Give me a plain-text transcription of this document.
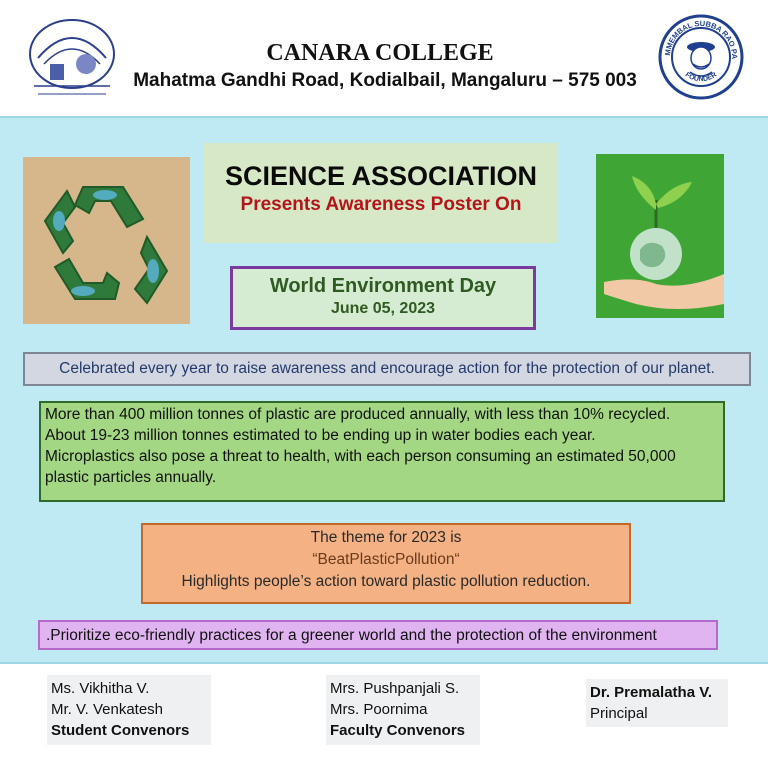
CANARA COLLEGE
Mahatma Gandhi Road, Kodialbail, Mangaluru – 575 003
MMEMBAL SUBBA RAO PA
FOUNDER
SCIENCE ASSOCIATION
Presents Awareness Poster On
World Environment Day
June 05, 2023
Celebrated every year to raise awareness and encourage action for the protection of our planet.
More than 400 million tonnes of plastic are produced annually, with less than 10% recycled.
About 19-23 million tonnes estimated to be ending up in water bodies each year.
Microplastics also pose a threat to health, with each person consuming an estimated 50,000
plastic particles annually.
The theme for 2023 is
“BeatPlasticPollution“
Highlights people’s action toward plastic pollution reduction.
.Prioritize eco-friendly practices for a greener world and the protection of the environment
Ms. Vikhitha V.
Mr. V. Venkatesh
Student Convenors
Mrs. Pushpanjali S.
Mrs. Poornima
Faculty Convenors
Dr. Premalatha V.
Principal
